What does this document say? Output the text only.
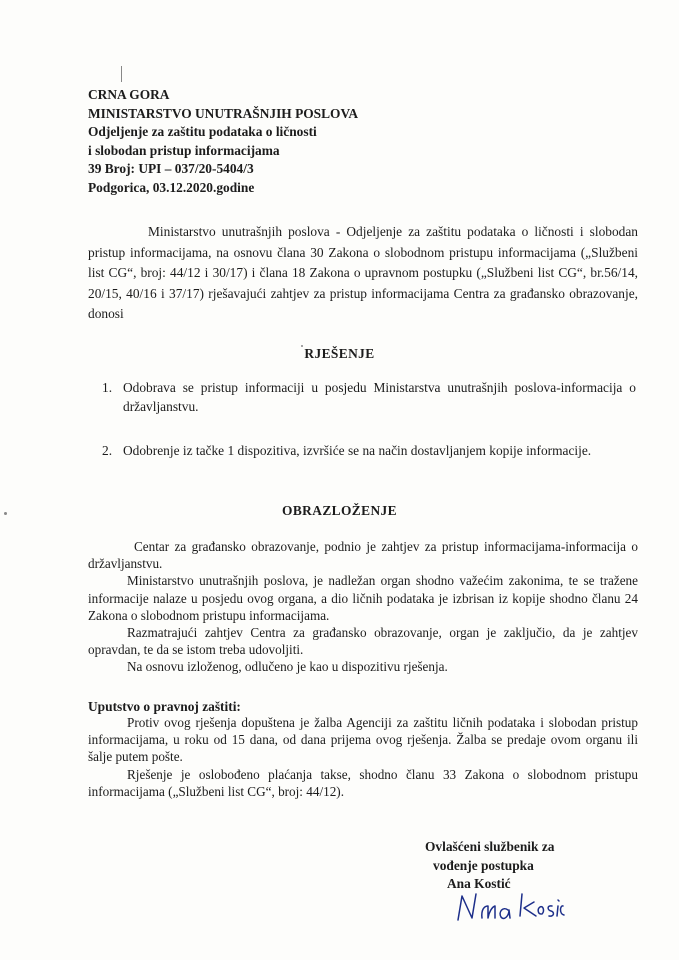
CRNA GORA
MINISTARSTVO UNUTRAŠNJIH POSLOVA
Odjeljenje za zaštitu podataka o ličnosti
i slobodan pristup informacijama
39 Broj: UPI – 037/20-5404/3
Podgorica, 03.12.2020.godine
Ministarstvo unutrašnjih poslova - Odjeljenje za zaštitu podataka o ličnosti i slobodan pristup informacijama, na osnovu člana 30 Zakona o slobodnom pristupu informacijama („Službeni list CG“, broj: 44/12 i 30/17) i člana 18 Zakona o upravnom postupku („Službeni list CG“, br.56/14, 20/15, 40/16 i 37/17) rješavajući zahtjev za pristup informacijama Centra za građansko obrazovanje, donosi
RJEŠENJE
1. Odobrava se pristup informaciji u posjedu Ministarstva unutrašnjih poslova-informacija o državljanstvu.
2. Odobrenje iz tačke 1 dispozitiva, izvršiće se na način dostavljanjem kopije informacije.
OBRAZLOŽENJE

Centar za građansko obrazovanje, podnio je zahtjev za pristup informacijama-informacija o državljanstvu.

Ministarstvo unutrašnjih poslova, je nadležan organ shodno važećim zakonima, te se tražene informacije nalaze u posjedu ovog organa, a dio ličnih podataka je izbrisan iz kopije shodno članu 24 Zakona o slobodnom pristupu informacijama.

Razmatrajući zahtjev Centra za građansko obrazovanje, organ je zaključio, da je zahtjev opravdan, te da se istom treba udovoljiti.

Na osnovu izloženog, odlučeno je kao u dispozitivu rješenja.

Uputstvo o pravnoj zaštiti:

Protiv ovog rješenja dopuštena je žalba Agenciji za zaštitu ličnih podataka i slobodan pristup informacijama, u roku od 15 dana, od dana prijema ovog rješenja. Žalba se predaje ovom organu ili šalje putem pošte.

Rješenje je oslobođeno plaćanja takse, shodno članu 33 Zakona o slobodnom pristupu informacijama („Službeni list CG“, broj: 44/12).

Ovlašćeni službenik za
vođenje postupka
Ana Kostić
